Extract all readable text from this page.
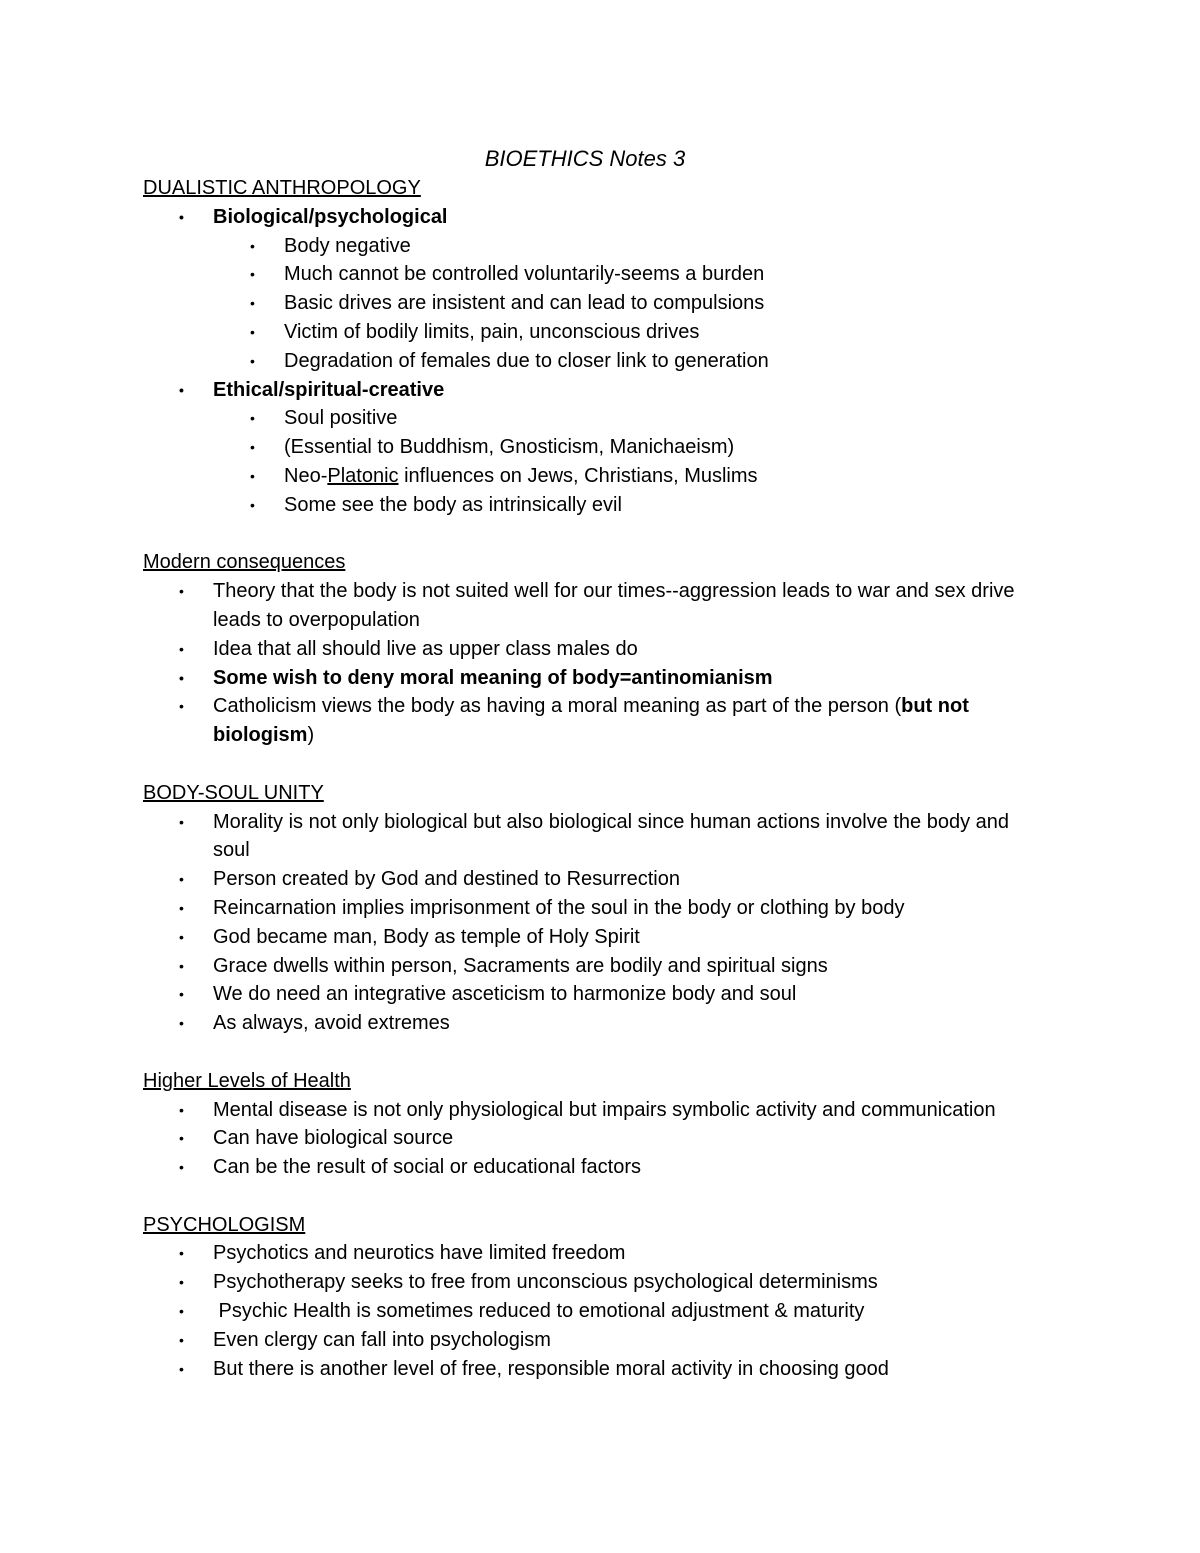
BIOETHICS Notes 3
DUALISTIC ANTHROPOLOGY
• Biological/psychological
• Body negative
• Much cannot be controlled voluntarily-seems a burden
• Basic drives are insistent and can lead to compulsions
• Victim of bodily limits, pain, unconscious drives
• Degradation of females due to closer link to generation
• Ethical/spiritual-creative
• Soul positive
• (Essential to Buddhism, Gnosticism, Manichaeism)
• Neo-Platonic influences on Jews, Christians, Muslims
• Some see the body as intrinsically evil
Modern consequences
• Theory that the body is not suited well for our times--aggression leads to war and sex drive leads to overpopulation
• Idea that all should live as upper class males do
• Some wish to deny moral meaning of body=antinomianism
• Catholicism views the body as having a moral meaning as part of the person (but not biologism)
BODY-SOUL UNITY
• Morality is not only biological but also biological since human actions involve the body and soul
• Person created by God and destined to Resurrection
• Reincarnation implies imprisonment of the soul in the body or clothing by body
• God became man, Body as temple of Holy Spirit
• Grace dwells within person, Sacraments are bodily and spiritual signs
• We do need an integrative asceticism to harmonize body and soul
• As always, avoid extremes
Higher Levels of Health
• Mental disease is not only physiological but impairs symbolic activity and communication
• Can have biological source
• Can be the result of social or educational factors
PSYCHOLOGISM
• Psychotics and neurotics have limited freedom
• Psychotherapy seeks to free from unconscious psychological determinisms
• Psychic Health is sometimes reduced to emotional adjustment & maturity
• Even clergy can fall into psychologism
• But there is another level of free, responsible moral activity in choosing good
